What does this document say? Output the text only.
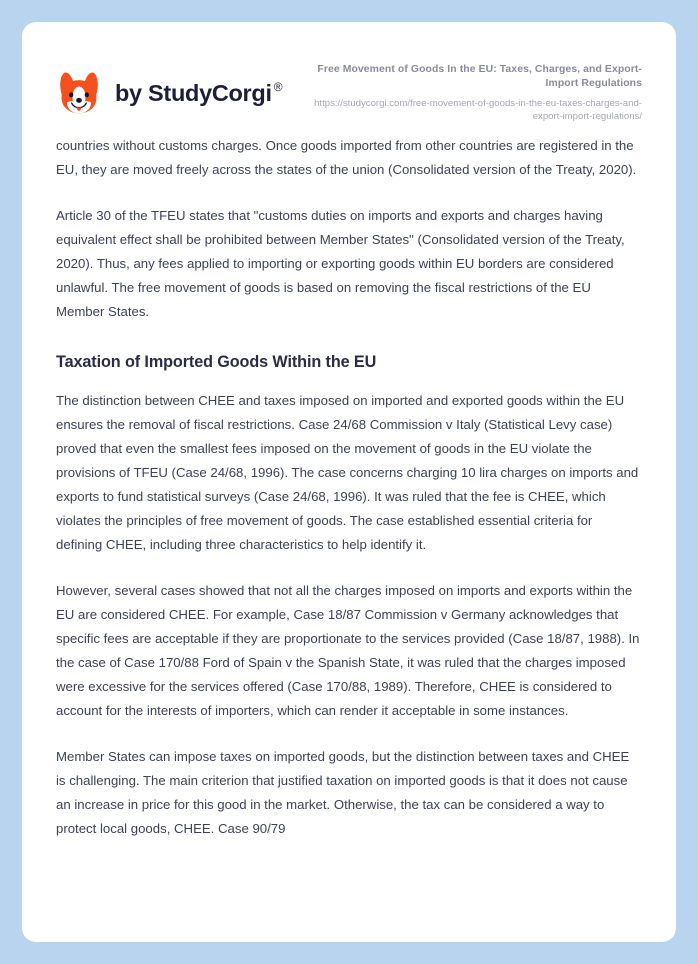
by StudyCorgi ®

Free Movement of Goods In the EU: Taxes, Charges, and Export-Import Regulations

https://studycorgi.com/free-movement-of-goods-in-the-eu-taxes-charges-and-export-import-regulations/

countries without customs charges. Once goods imported from other countries are registered in the EU, they are moved freely across the states of the union (Consolidated version of the Treaty, 2020).

Article 30 of the TFEU states that "customs duties on imports and exports and charges having equivalent effect shall be prohibited between Member States" (Consolidated version of the Treaty, 2020). Thus, any fees applied to importing or exporting goods within EU borders are considered unlawful. The free movement of goods is based on removing the fiscal restrictions of the EU Member States.

Taxation of Imported Goods Within the EU

The distinction between CHEE and taxes imposed on imported and exported goods within the EU ensures the removal of fiscal restrictions. Case 24/68 Commission v Italy (Statistical Levy case) proved that even the smallest fees imposed on the movement of goods in the EU violate the provisions of TFEU (Case 24/68, 1996). The case concerns charging 10 lira charges on imports and exports to fund statistical surveys (Case 24/68, 1996). It was ruled that the fee is CHEE, which violates the principles of free movement of goods. The case established essential criteria for defining CHEE, including three characteristics to help identify it.

However, several cases showed that not all the charges imposed on imports and exports within the EU are considered CHEE. For example, Case 18/87 Commission v Germany acknowledges that specific fees are acceptable if they are proportionate to the services provided (Case 18/87, 1988). In the case of Case 170/88 Ford of Spain v the Spanish State, it was ruled that the charges imposed were excessive for the services offered (Case 170/88, 1989). Therefore, CHEE is considered to account for the interests of importers, which can render it acceptable in some instances.

Member States can impose taxes on imported goods, but the distinction between taxes and CHEE is challenging. The main criterion that justified taxation on imported goods is that it does not cause an increase in price for this good in the market. Otherwise, the tax can be considered a way to protect local goods, CHEE. Case 90/79
